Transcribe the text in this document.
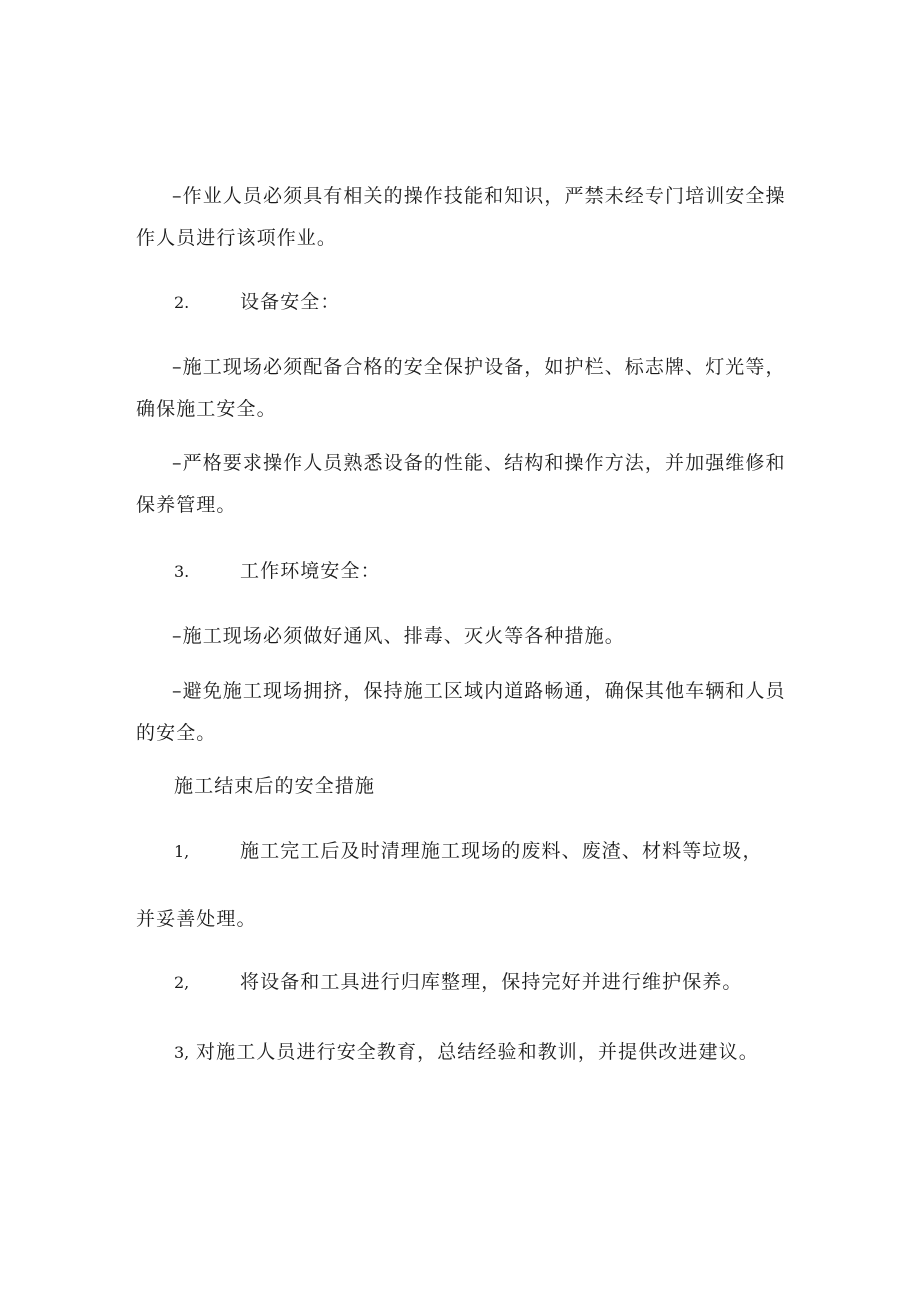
–作业人员必须具有相关的操作技能和知识，严禁未经专门培训安全操
作人员进行该项作业。
2.	设备安全：
–施工现场必须配备合格的安全保护设备，如护栏、标志牌、灯光等，
确保施工安全。
–严格要求操作人员熟悉设备的性能、结构和操作方法，并加强维修和
保养管理。
3.	工作环境安全：
–施工现场必须做好通风、排毒、灭火等各种措施。
–避免施工现场拥挤，保持施工区域内道路畅通，确保其他车辆和人员
的安全。
施工结束后的安全措施
1,	施工完工后及时清理施工现场的废料、废渣、材料等垃圾，
并妥善处理。
2,	将设备和工具进行归库整理，保持完好并进行维护保养。
3, 对施工人员进行安全教育，总结经验和教训，并提供改进建议。
